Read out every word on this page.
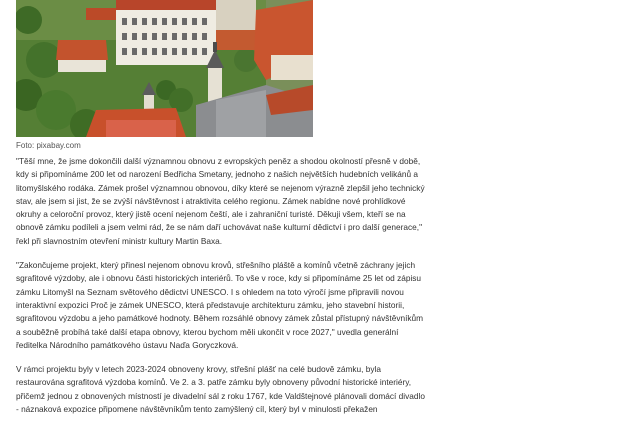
Foto: pixabay.com

"Těší mne, že jsme dokončili další významnou obnovu z evropských peněz a shodou okolností přesně v době, kdy si připomínáme 200 let od narození Bedřicha Smetany, jednoho z našich největších hudebních velikánů a litomyšlského rodáka. Zámek prošel významnou obnovou, díky které se nejenom výrazně zlepšil jeho technický stav, ale jsem si jist, že se zvýší návštěvnost i atraktivita celého regionu. Zámek nabídne nové prohlídkové okruhy a celoroční provoz, který jistě ocení nejenom čeští, ale i zahraniční turisté. Děkuji všem, kteří se na obnově zámku podíleli a jsem velmi rád, že se nám daří uchovávat naše kulturní dědictví i pro další generace," řekl při slavnostním otevření ministr kultury Martin Baxa.

"Zakončujeme projekt, který přinesl nejenom obnovu krovů, střešního pláště a komínů včetně záchrany jejich sgrafitové výzdoby, ale i obnovu části historických interiérů. To vše v roce, kdy si připomínáme 25 let od zápisu zámku Litomyšl na Seznam světového dědictví UNESCO. I s ohledem na toto výročí jsme připravili novou interaktivní expozici Proč je zámek UNESCO, která představuje architekturu zámku, jeho stavební historii, sgrafitovou výzdobu a jeho památkové hodnoty. Během rozsáhlé obnovy zámek zůstal přístupný návštěvníkům a souběžně probíhá také další etapa obnovy, kterou bychom měli ukončit v roce 2027," uvedla generální ředitelka Národního památkového ústavu Naďa Goryczková.

V rámci projektu byly v letech 2023-2024 obnoveny krovy, střešní plášť na celé budově zámku, byla restaurována sgrafitová výzdoba komínů. Ve 2. a 3. patře zámku byly obnoveny původní historické interiéry, přičemž jednou z obnovených místností je divadelní sál z roku 1767, kde Valdštejnové plánovali domácí divadlo - náznaková expozice připomene návštěvníkům tento zamýšlený cíl, který byl v minulosti překažen
